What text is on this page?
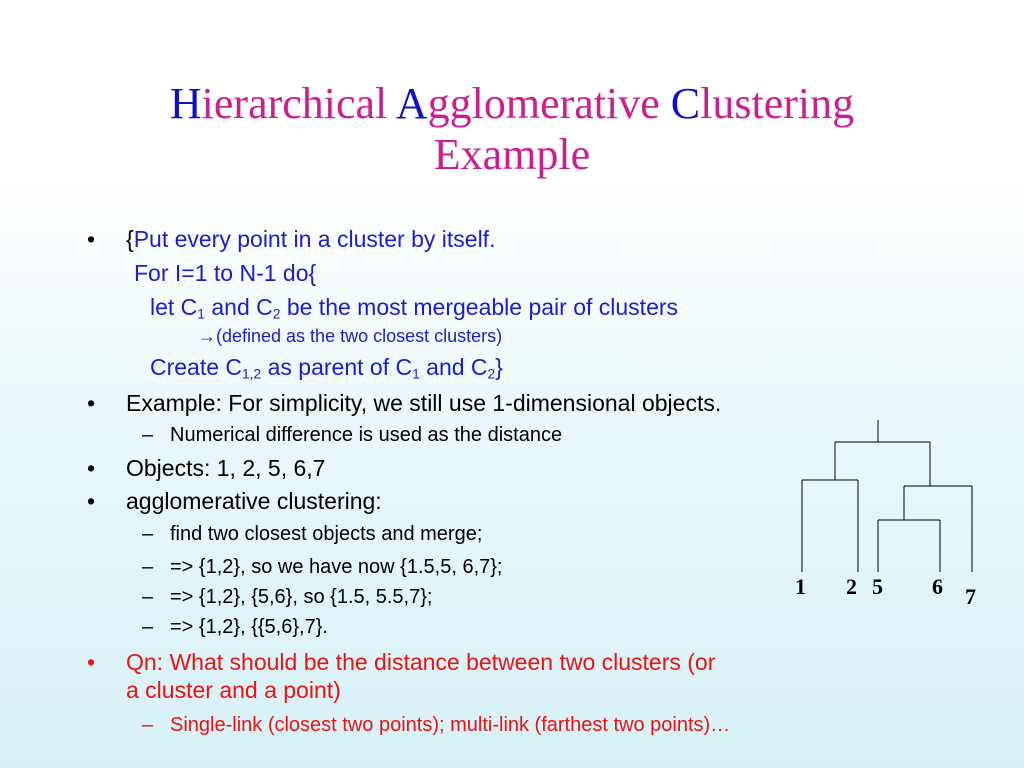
Hierarchical Agglomerative Clustering
Example
• {Put every point in a cluster by itself.
For I=1 to N-1 do{
let $C_1$ and $C_2$ be the most mergeable pair of clusters
→(defined as the two closest clusters)
Create $C_{1,2}$ as parent of $C_1$ and $C_2$}
• Example: For simplicity, we still use 1-dimensional objects.
– Numerical difference is used as the distance
• Objects: 1, 2, 5, 6,7
• agglomerative clustering:
– find two closest objects and merge;
– => {1,2}, so we have now {1.5,5, 6,7};
– => {1,2}, {5,6}, so {1.5, 5.5,7};
– => {1,2}, {{5,6},7}.
• Qn: What should be the distance between two clusters (or
a cluster and a point)
– Single-link (closest two points); multi-link (farthest two points)…
1 2 5 6 7
